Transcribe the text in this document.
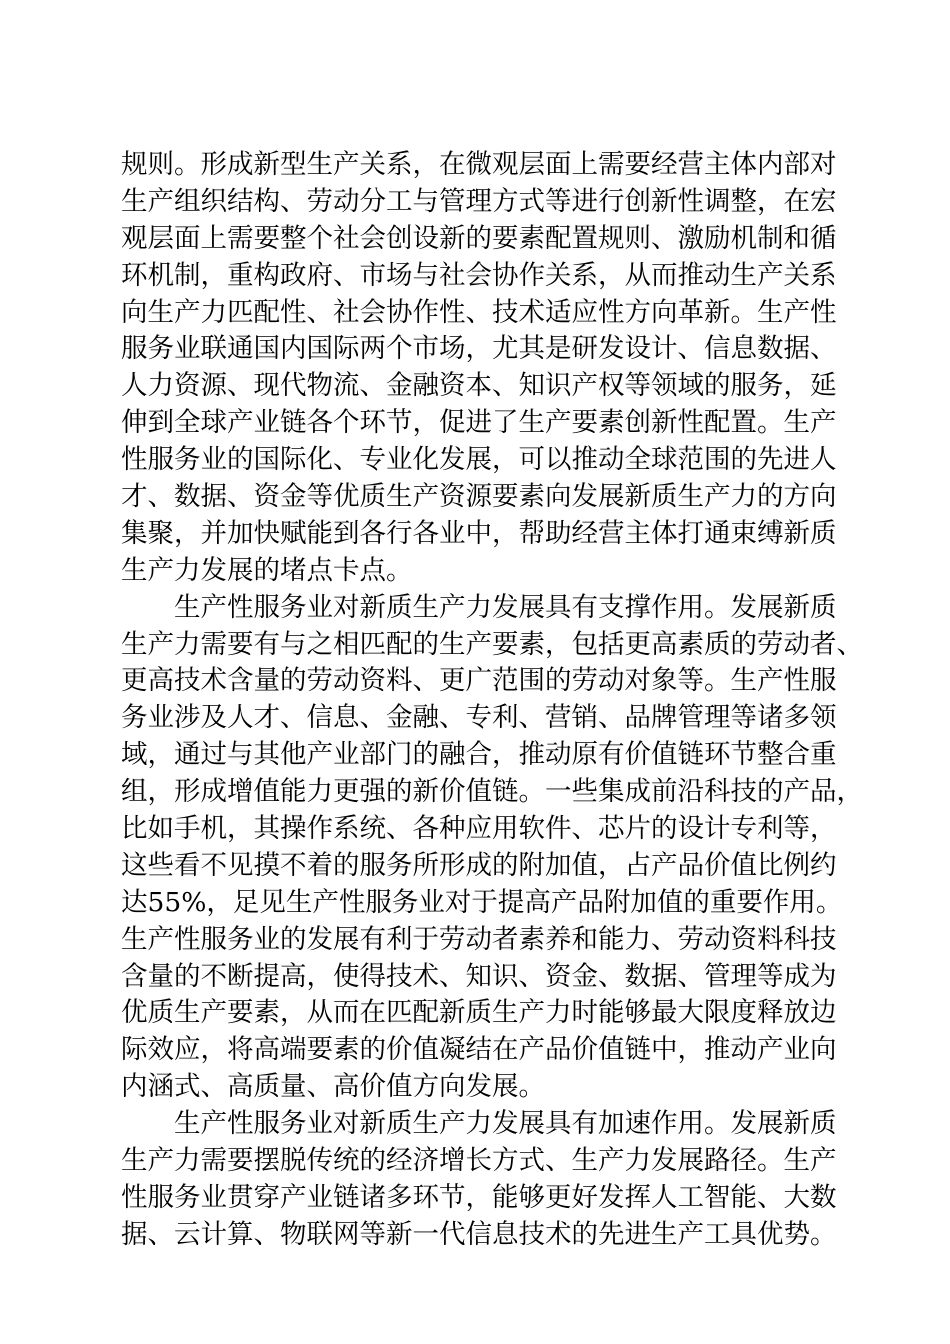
规则。形成新型生产关系，在微观层面上需要经营主体内部对
生产组织结构、劳动分工与管理方式等进行创新性调整，在宏
观层面上需要整个社会创设新的要素配置规则、激励机制和循
环机制，重构政府、市场与社会协作关系，从而推动生产关系
向生产力匹配性、社会协作性、技术适应性方向革新。生产性
服务业联通国内国际两个市场，尤其是研发设计、信息数据、
人力资源、现代物流、金融资本、知识产权等领域的服务，延
伸到全球产业链各个环节，促进了生产要素创新性配置。生产
性服务业的国际化、专业化发展，可以推动全球范围的先进人
才、数据、资金等优质生产资源要素向发展新质生产力的方向
集聚，并加快赋能到各行各业中，帮助经营主体打通束缚新质
生产力发展的堵点卡点。
生产性服务业对新质生产力发展具有支撑作用。发展新质
生产力需要有与之相匹配的生产要素，包括更高素质的劳动者、
更高技术含量的劳动资料、更广范围的劳动对象等。生产性服
务业涉及人才、信息、金融、专利、营销、品牌管理等诸多领
域，通过与其他产业部门的融合，推动原有价值链环节整合重
组，形成增值能力更强的新价值链。一些集成前沿科技的产品，
比如手机，其操作系统、各种应用软件、芯片的设计专利等，
这些看不见摸不着的服务所形成的附加值，占产品价值比例约
达55%，足见生产性服务业对于提高产品附加值的重要作用。
生产性服务业的发展有利于劳动者素养和能力、劳动资料科技
含量的不断提高，使得技术、知识、资金、数据、管理等成为
优质生产要素，从而在匹配新质生产力时能够最大限度释放边
际效应，将高端要素的价值凝结在产品价值链中，推动产业向
内涵式、高质量、高价值方向发展。
生产性服务业对新质生产力发展具有加速作用。发展新质
生产力需要摆脱传统的经济增长方式、生产力发展路径。生产
性服务业贯穿产业链诸多环节，能够更好发挥人工智能、大数
据、云计算、物联网等新一代信息技术的先进生产工具优势。
